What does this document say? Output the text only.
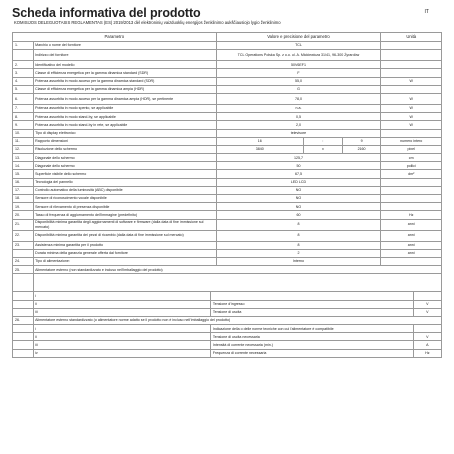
Scheda informativa del prodotto	IT
KOMISIJOS DELEGUOTASIS REGLAMENTAS (ES) 2019/2013 dėl elektroninių vaizduoklių energijos ženklinimo aukščiausiojo lygio ženklinimo
Parametro			Valore e precisione del parametro			Unità	
1.	Marchio o nome del fornitore		TCL				
	Indirizzo del fornitore		TCL Operations Polska Sp. z o.o. ul. A. Mickiewicza 31/41, 96-300 Żyrardów				
2.	Identificativo del modello		50V6EF1				
3.	Classe di efficienza energetica per la gamma dinamica standard (SDR)		F				
4.	Potenza assorbita in modo acceso per la gamma dinamica standard (SDR)		55,0			W	
5.	Classe di efficienza energetica per la gamma dinamica ampia (HDR)		G				
6.	Potenza assorbita in modo acceso per la gamma dinamica ampia (HDR), se pertinente		78,0			W	
7.	Potenza assorbita in modo spento, se applicabile		n.a.			W	
8.	Potenza assorbita in modo stand-by, se applicabile		0,5			W	
9.	Potenza assorbita in modo stand-by in rete, se applicabile		2,0			W	
10.	Tipo di display elettronico		televisore				
11.	Rapporto dimensioni		16	:	9	numero intero	
12.	Risoluzione dello schermo		3840	x	2160	pixel	
13.	Diagonale dello schermo		125,7			cm	
14.	Diagonale dello schermo		50			pollici	
15.	Superficie visibile dello schermo		67,5			dm²	
16.	Tecnologia del pannello		LED LCD				
17.	Controllo automatico della luminosità (ABC) disponibile		NO				
18.	Sensore di riconoscimento vocale disponibile		NO				
19.	Sensore di rilevamento di presenza disponibile		NO				
20.	Tasso di frequenza di aggiornamento dell'immagine (predefinito)		60			Hz	
21.	Disponibilità minima garantita degli aggiornamenti di software e firmware (dalla data di fine immissione sul mercato)		8			anni	
22.	Disponibilità minima garantita dei pezzi di ricambio (dalla data di fine immissione sul mercato)		8			anni	
23.	Assistenza minima garantita per il prodotto		8			anni	
	Durata minima della garanzia generale offerta dal fornitore		2			anni	
24.	Tipo di alimentazione:		Interno				
25.	Alimentatore esterno (non standardizzato e incluso nell'imballaggio del prodotto)						

	i						
	ii	Tensione d'ingresso					V
	iii	Tensione di uscita					V
26.	Alimentatore esterno standardizzato (o alimentatore norme adatto se il prodotto non è incluso nell'imballaggio del prodotto)						
	i	Indicazione della o delle norme tecniche con cui l'alimentatore è compatibile					
	ii	Tensione di uscita necessaria					V
	iii	Intensità di corrente necessaria (min.)					A
	iv	Frequenza di corrente necessaria					Hz
